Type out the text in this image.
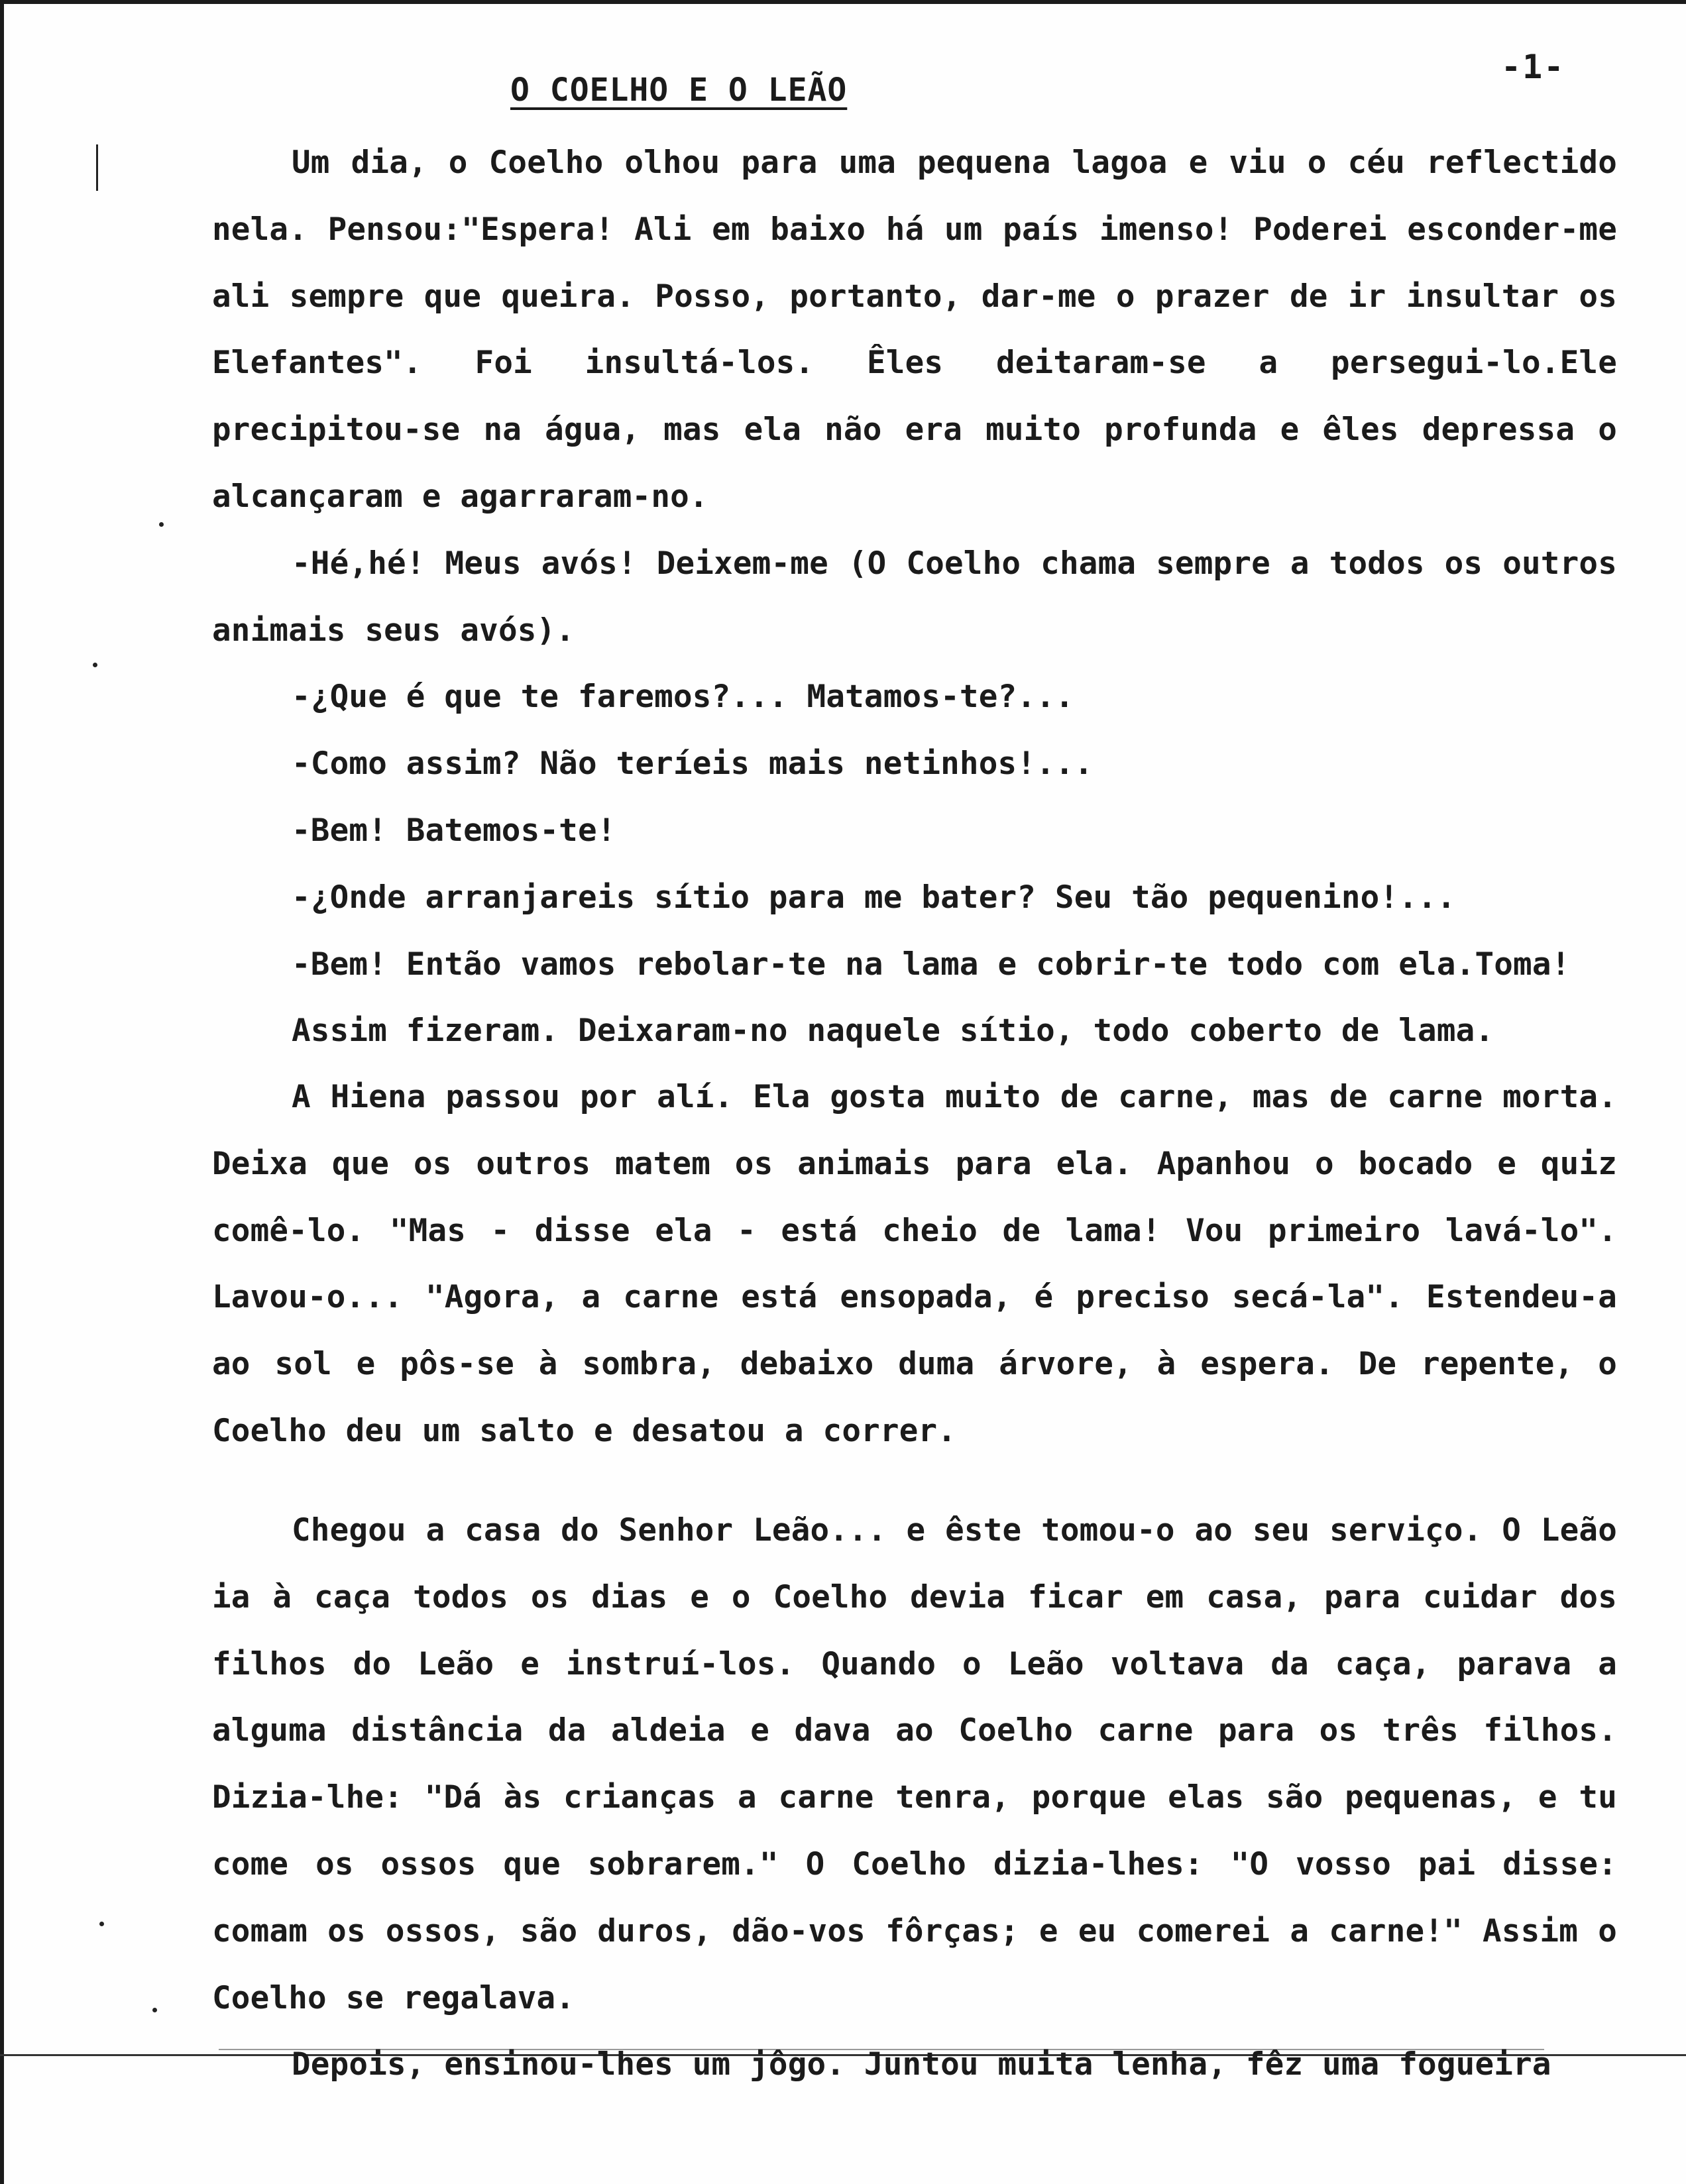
-1-
O COELHO E O LEÃO

Um dia, o Coelho olhou para uma pequena lagoa e viu o céu reflectido nela. Pensou:"Espera! Ali em baixo há um país imenso! Poderei esconder-me ali sempre que queira. Posso, portanto, dar-me o prazer de ir insultar os Elefantes". Foi insultá-los. Êles deitaram-se a persegui-lo.Ele precipitou-se na água, mas ela não era muito profunda e êles depressa o alcançaram e agarraram-no.

-Hé,hé! Meus avós! Deixem-me (O Coelho chama sempre a todos os outros animais seus avós).

-¿Que é que te faremos?... Matamos-te?...

-Como assim? Não teríeis mais netinhos!...

-Bem! Batemos-te!

-¿Onde arranjareis sítio para me bater? Seu tão pequenino!...

-Bem! Então vamos rebolar-te na lama e cobrir-te todo com ela.Toma!

Assim fizeram. Deixaram-no naquele sítio, todo coberto de lama.

A Hiena passou por alí. Ela gosta muito de carne, mas de carne morta. Deixa que os outros matem os animais para ela. Apanhou o bocado e quiz comê-lo. "Mas - disse ela - está cheio de lama! Vou primeiro lavá-lo". Lavou-o... "Agora, a carne está ensopada, é preciso secá-la". Estendeu-a ao sol e pôs-se à sombra, debaixo duma árvore, à espera. De repente, o Coelho deu um salto e desatou a correr.

Chegou a casa do Senhor Leão... e êste tomou-o ao seu serviço. O Leão ia à caça todos os dias e o Coelho devia ficar em casa, para cuidar dos filhos do Leão e instruí-los. Quando o Leão voltava da caça, parava a alguma distância da aldeia e dava ao Coelho carne para os três filhos. Dizia-lhe: "Dá às crianças a carne tenra, porque elas são pequenas, e tu come os ossos que sobrarem." O Coelho dizia-lhes: "O vosso pai disse: comam os ossos, são duros, dão-vos fôrças; e eu comerei a carne!" Assim o Coelho se regalava.

Depois, ensinou-lhes um jôgo. Juntou muita lenha, fêz uma fogueira
